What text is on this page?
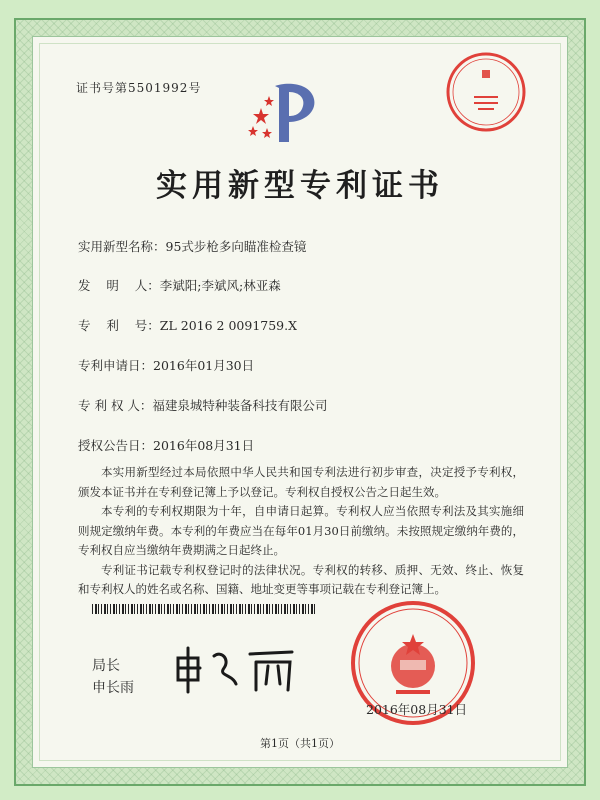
证书号第5501992号
实用新型专利证书
实用新型名称：95式步枪多向瞄准检查镜
发    明    人：李斌阳;李斌风;林亚森
专    利    号：ZL 2016 2 0091759.X
专利申请日：2016年01月30日
专 利 权 人：福建泉城特种装备科技有限公司
授权公告日：2016年08月31日

本实用新型经过本局依照中华人民共和国专利法进行初步审查，决定授予专利权，颁发本证书并在专利登记簿上予以登记。专利权自授权公告之日起生效。

本专利的专利权期限为十年，自申请日起算。专利权人应当依照专利法及其实施细则规定缴纳年费。本专利的年费应当在每年01月30日前缴纳。未按照规定缴纳年费的，专利权自应当缴纳年费期满之日起终止。

专利证书记载专利权登记时的法律状况。专利权的转移、质押、无效、终止、恢复和专利权人的姓名或名称、国籍、地址变更等事项记载在专利登记簿上。

局长
申长雨
2016年08月31日
第1页（共1页）
